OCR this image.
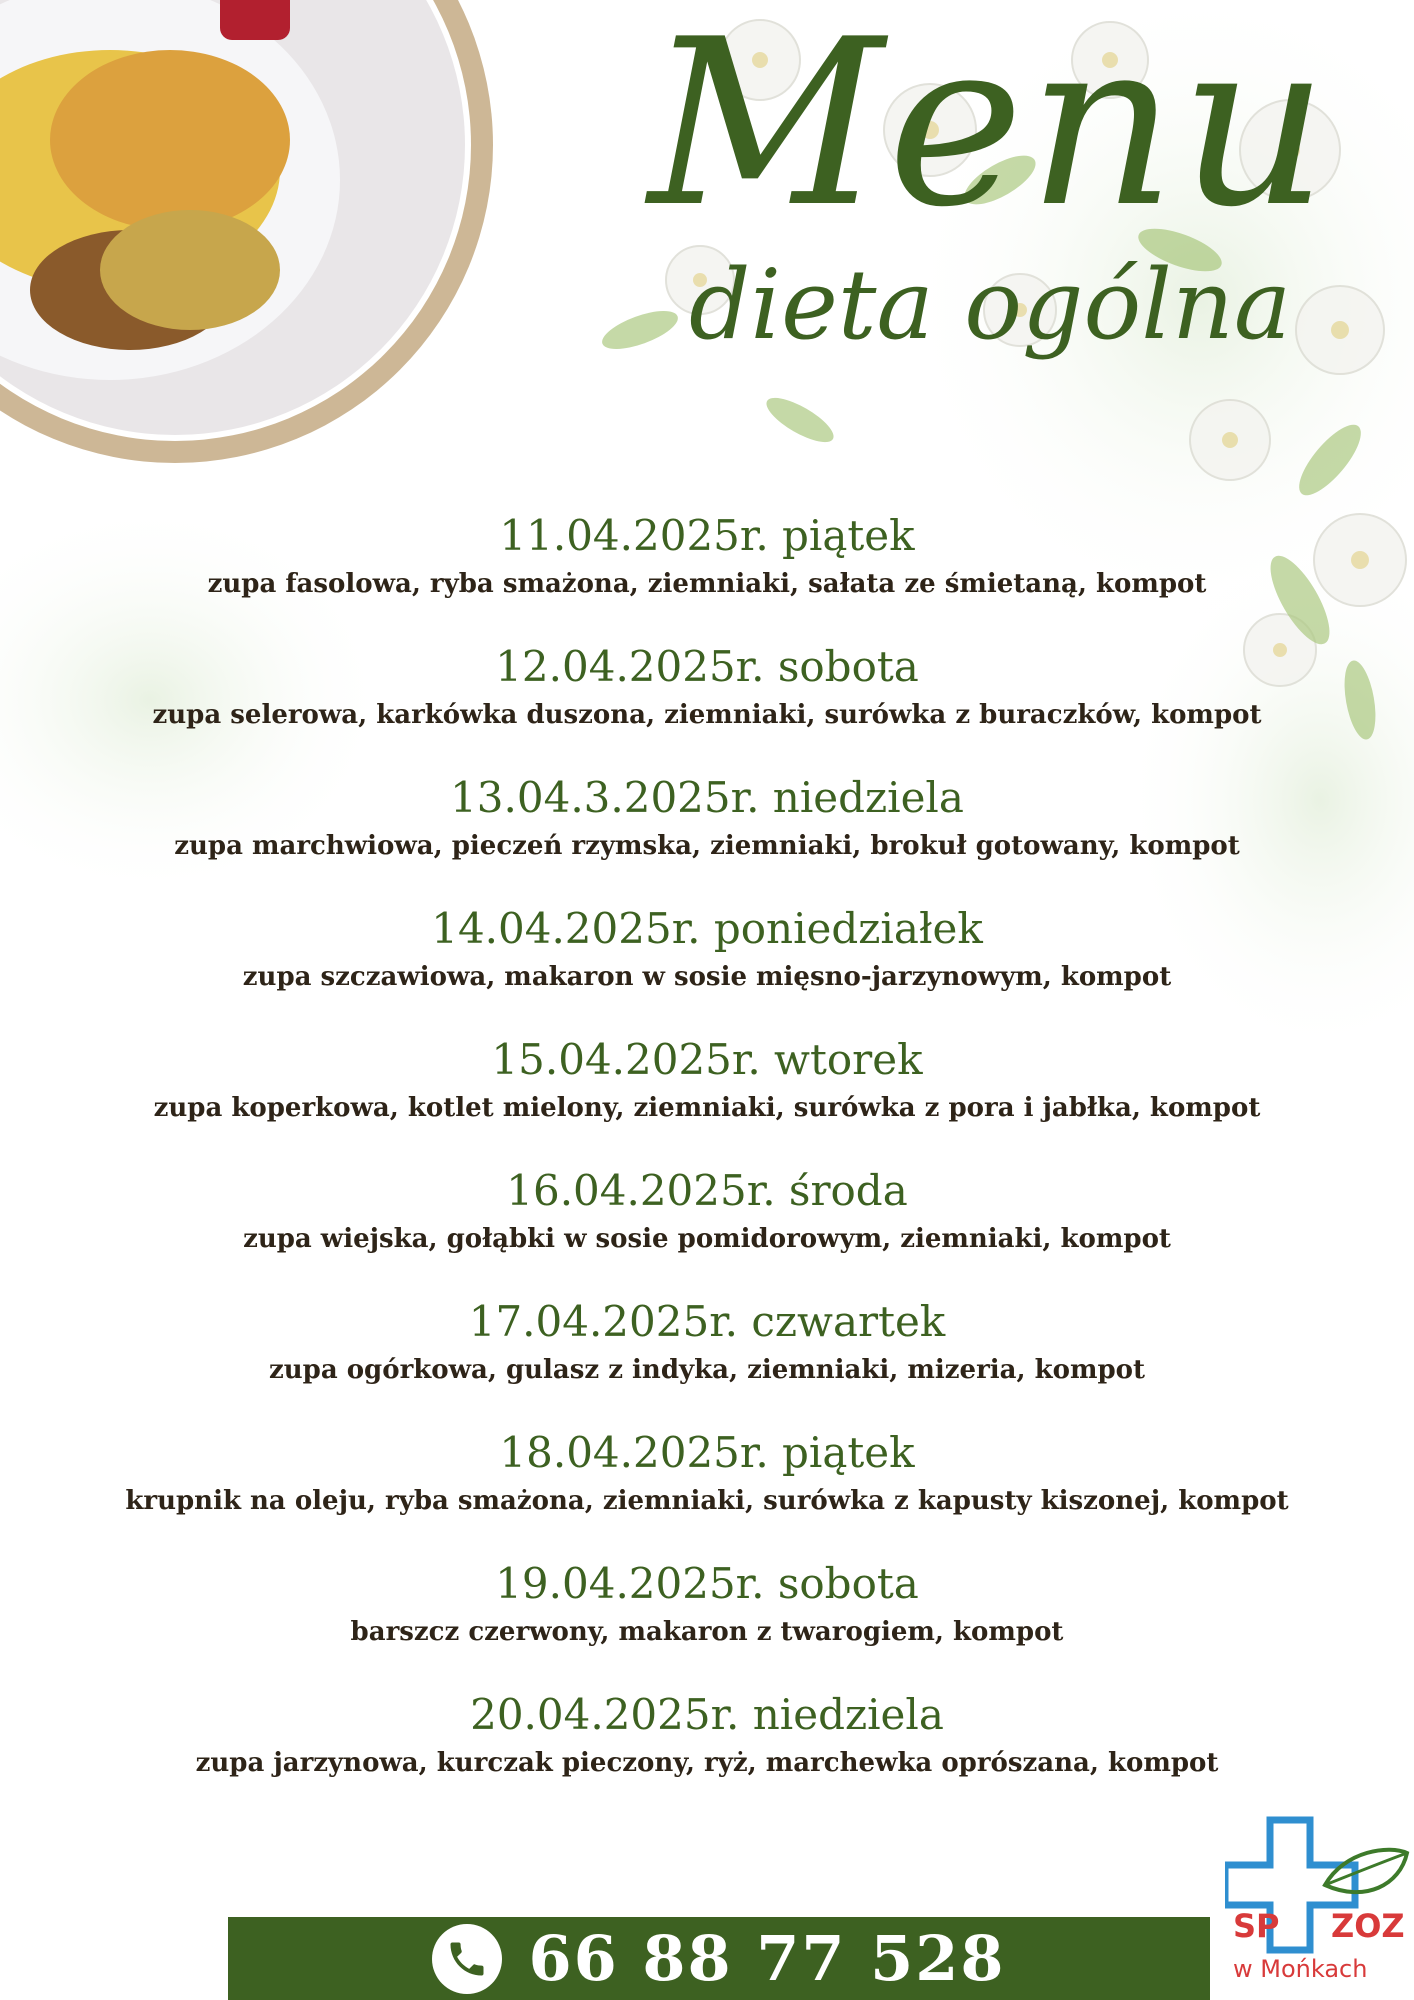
Menu
dieta ogólna
11.04.2025r. piątek
zupa fasolowa, ryba smażona, ziemniaki, sałata ze śmietaną, kompot
12.04.2025r. sobota
zupa selerowa, karkówka duszona, ziemniaki, surówka z buraczków, kompot
13.04.3.2025r. niedziela
zupa marchwiowa, pieczeń rzymska, ziemniaki, brokuł gotowany, kompot
14.04.2025r. poniedziałek
zupa szczawiowa, makaron w sosie mięsno-jarzynowym, kompot
15.04.2025r. wtorek
zupa koperkowa, kotlet mielony, ziemniaki, surówka z pora i jabłka, kompot
16.04.2025r. środa
zupa wiejska, gołąbki w sosie pomidorowym, ziemniaki, kompot
17.04.2025r. czwartek
zupa ogórkowa, gulasz z indyka, ziemniaki, mizeria, kompot
18.04.2025r. piątek
krupnik na oleju, ryba smażona, ziemniaki, surówka z kapusty kiszonej, kompot
19.04.2025r. sobota
barszcz czerwony, makaron z twarogiem, kompot
20.04.2025r. niedziela
zupa jarzynowa, kurczak pieczony, ryż, marchewka oprószana, kompot
SP ZOZ
w Mońkach
66 88 77 528
